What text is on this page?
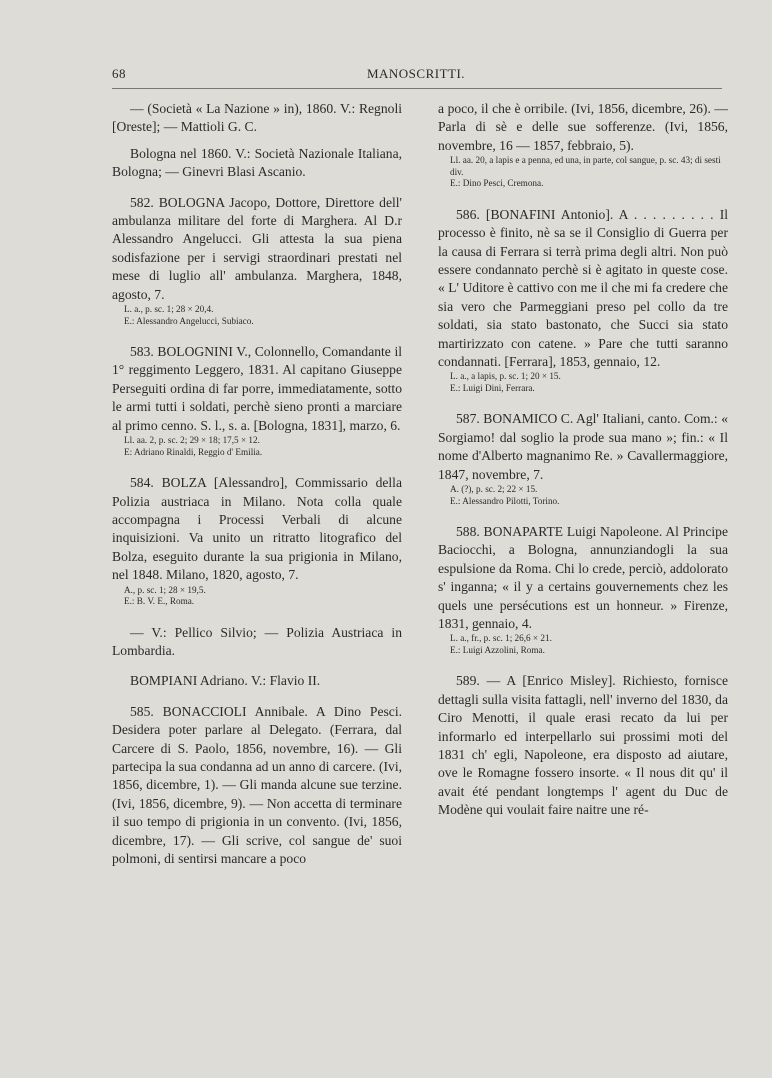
68	MANOSCRITTI.

— (Società « La Nazione » in), 1860. V.: Regnoli [Oreste]; — Mattioli G. C.

Bologna nel 1860. V.: Società Nazionale Italiana, Bologna; — Ginevri Blasi Ascanio.

582. BOLOGNA Jacopo, Dottore, Direttore dell' ambulanza militare del forte di Marghera. Al D.r Alessandro Angelucci. Gli attesta la sua piena sodisfazione per i servigi straordinari prestati nel mese di luglio all' ambulanza. Marghera, 1848, agosto, 7.

L. a., p. sc. 1; 28 × 20,4.

E.: Alessandro Angelucci, Subiaco.

583. BOLOGNINI V., Colonnello, Comandante il 1° reggimento Leggero, 1831. Al capitano Giuseppe Perseguiti ordina di far porre, immediatamente, sotto le armi tutti i soldati, perchè sieno pronti a marciare al primo cenno. S. l., s. a. [Bologna, 1831], marzo, 6.

Ll. aa. 2, p. sc. 2; 29 × 18; 17,5 × 12.

E: Adriano Rinaldi, Reggio d' Emilia.

584. BOLZA [Alessandro], Commissario della Polizia austriaca in Milano. Nota colla quale accompagna i Processi Verbali di alcune inquisizioni. Va unito un ritratto litografico del Bolza, eseguito durante la sua prigionia in Milano, nel 1848. Milano, 1820, agosto, 7.

A., p. sc. 1; 28 × 19,5.

E.: B. V. E., Roma.

— V.: Pellico Silvio; — Polizia Austriaca in Lombardia.

BOMPIANI Adriano. V.: Flavio II.

585. BONACCIOLI Annibale. A Dino Pesci. Desidera poter parlare al Delegato. (Ferrara, dal Carcere di S. Paolo, 1856, novembre, 16). — Gli partecipa la sua condanna ad un anno di carcere. (Ivi, 1856, dicembre, 1). — Gli manda alcune sue terzine. (Ivi, 1856, dicembre, 9). — Non accetta di terminare il suo tempo di prigionia in un convento. (Ivi, 1856, dicembre, 17). — Gli scrive, col sangue de' suoi polmoni, di sentirsi mancare a poco

a poco, il che è orribile. (Ivi, 1856, dicembre, 26). — Parla di sè e delle sue sofferenze. (Ivi, 1856, novembre, 16 — 1857, febbraio, 5).

Ll. aa. 20, a lapis e a penna, ed una, in parte, col sangue, p. sc. 43; di sesti div.

E.: Dino Pesci, Cremona.

586. [BONAFINI Antonio]. A . . . . . . . . . Il processo è finito, nè sa se il Consiglio di Guerra per la causa di Ferrara si terrà prima degli altri. Non può essere condannato perchè si è agitato in queste cose. « L' Uditore è cattivo con me il che mi fa credere che sia vero che Parmeggiani preso pel collo da tre soldati, sia stato bastonato, che Succi sia stato martirizzato con catene. » Pare che tutti saranno condannati. [Ferrara], 1853, gennaio, 12.

L. a., a lapis, p. sc. 1; 20 × 15.

E.: Luigi Dini, Ferrara.

587. BONAMICO C. Agl' Italiani, canto. Com.: « Sorgiamo! dal soglio la prode sua mano »; fin.: « Il nome d'Alberto magnanimo Re. » Cavallermaggiore, 1847, novembre, 7.

A. (?), p. sc. 2; 22 × 15.

E.: Alessandro Pilotti, Torino.

588. BONAPARTE Luigi Napoleone. Al Principe Baciocchi, a Bologna, annunziandogli la sua espulsione da Roma. Chi lo crede, perciò, addolorato s' inganna; « il y a certains gouvernements chez les quels une persécutions est un honneur. » Firenze, 1831, gennaio, 4.

L. a., fr., p. sc. 1; 26,6 × 21.

E.: Luigi Azzolini, Roma.

589. — A [Enrico Misley]. Richiesto, fornisce dettagli sulla visita fattagli, nell' inverno del 1830, da Ciro Menotti, il quale erasi recato da lui per informarlo ed interpellarlo sui prossimi moti del 1831 ch' egli, Napoleone, era disposto ad aiutare, ove le Romagne fossero insorte. « Il nous dit qu' il avait été pendant longtemps l' agent du Duc de Modène qui voulait faire naitre une ré-
